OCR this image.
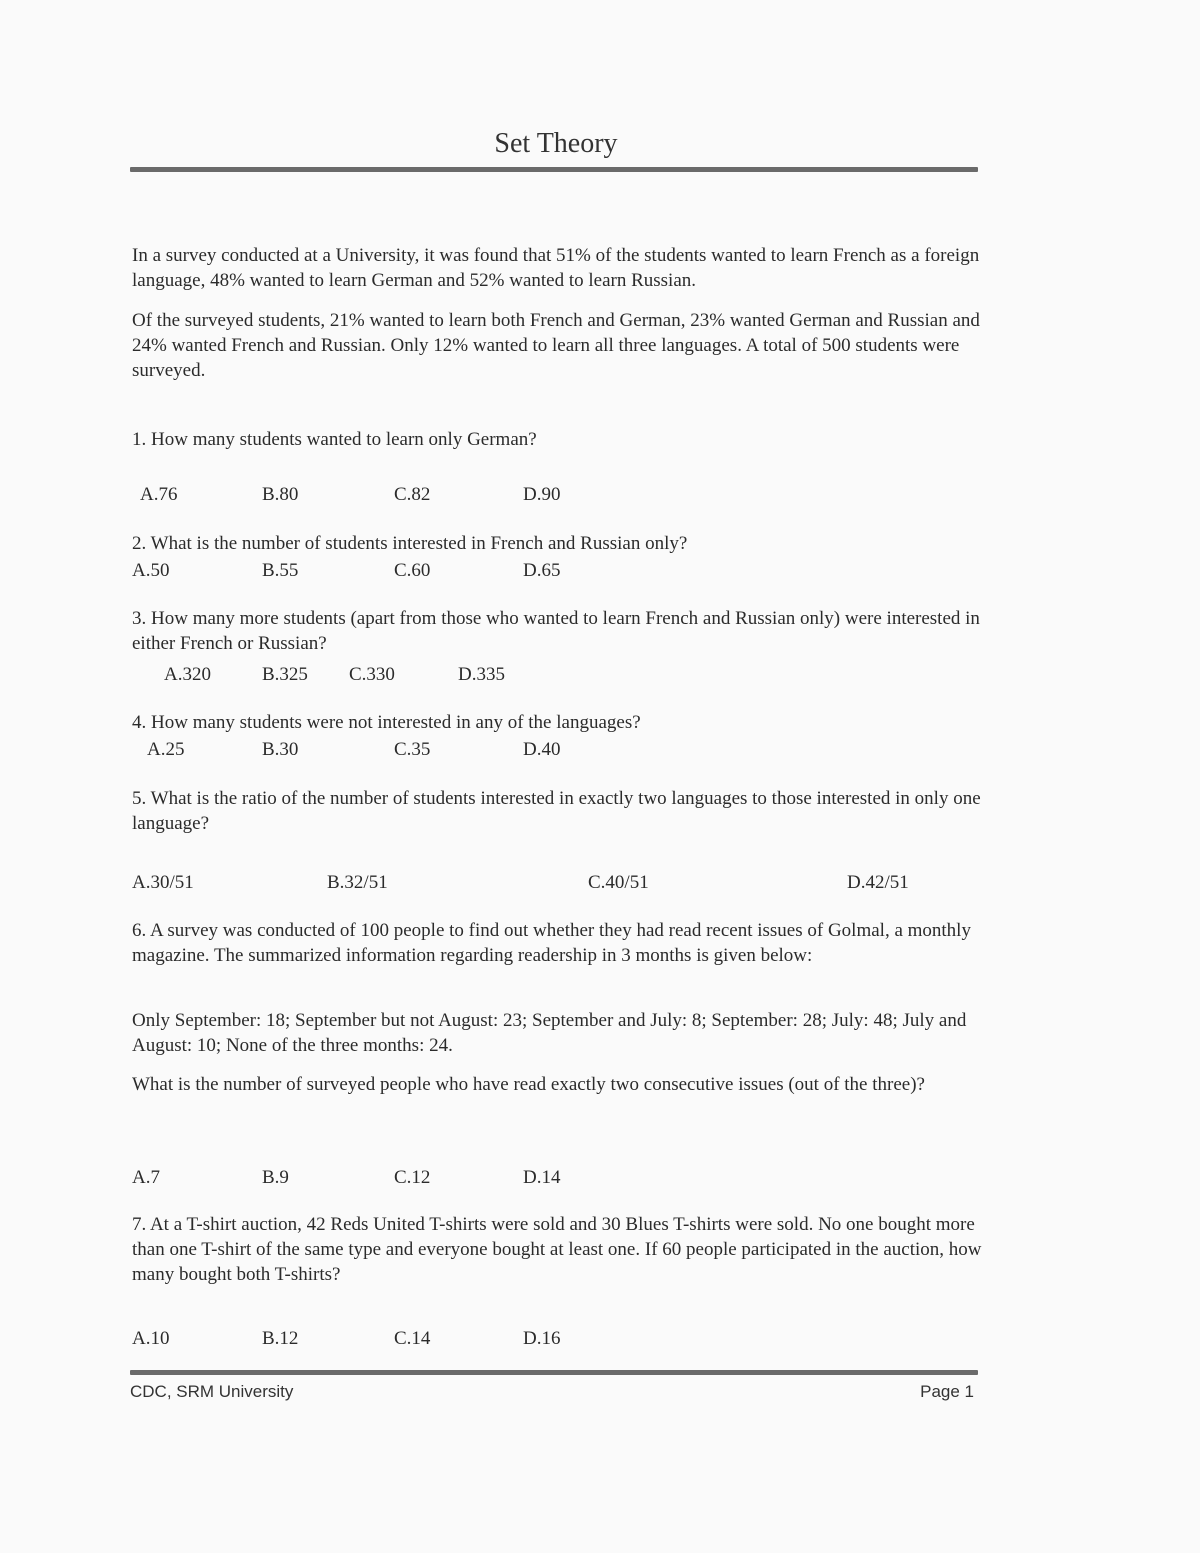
Set Theory
In a survey conducted at a University, it was found that 51% of the students wanted to learn French as a foreign language, 48% wanted to learn German and 52% wanted to learn Russian.
Of the surveyed students, 21% wanted to learn both French and German, 23% wanted German and Russian and 24% wanted French and Russian. Only 12% wanted to learn all three languages. A total of 500 students were surveyed.
1. How many students wanted to learn only German?
A.76	B.80	C.82	D.90
2. What is the number of students interested in French and Russian only?
A.50	B.55	C.60	D.65
3. How many more students (apart from those who wanted to learn French and Russian only) were interested in either French or Russian?
A.320	B.325 C.330	D.335
4. How many students were not interested in any of the languages?
A.25	B.30	C.35	D.40
5. What is the ratio of the number of students interested in exactly two languages to those interested in only one language?
A.30/51	B.32/51	C.40/51	D.42/51
6. A survey was conducted of 100 people to find out whether they had read recent issues of Golmal, a monthly magazine. The summarized information regarding readership in 3 months is given below:
Only September: 18; September but not August: 23; September and July: 8; September: 28; July: 48; July and August: 10; None of the three months: 24.
What is the number of surveyed people who have read exactly two consecutive issues (out of the three)?
A.7	B.9	C.12	D.14
7. At a T-shirt auction, 42 Reds United T-shirts were sold and 30 Blues T-shirts were sold. No one bought more than one T-shirt of the same type and everyone bought at least one. If 60 people participated in the auction, how many bought both T-shirts?
A.10	B.12	C.14	D.16
CDC, SRM University	Page 1
